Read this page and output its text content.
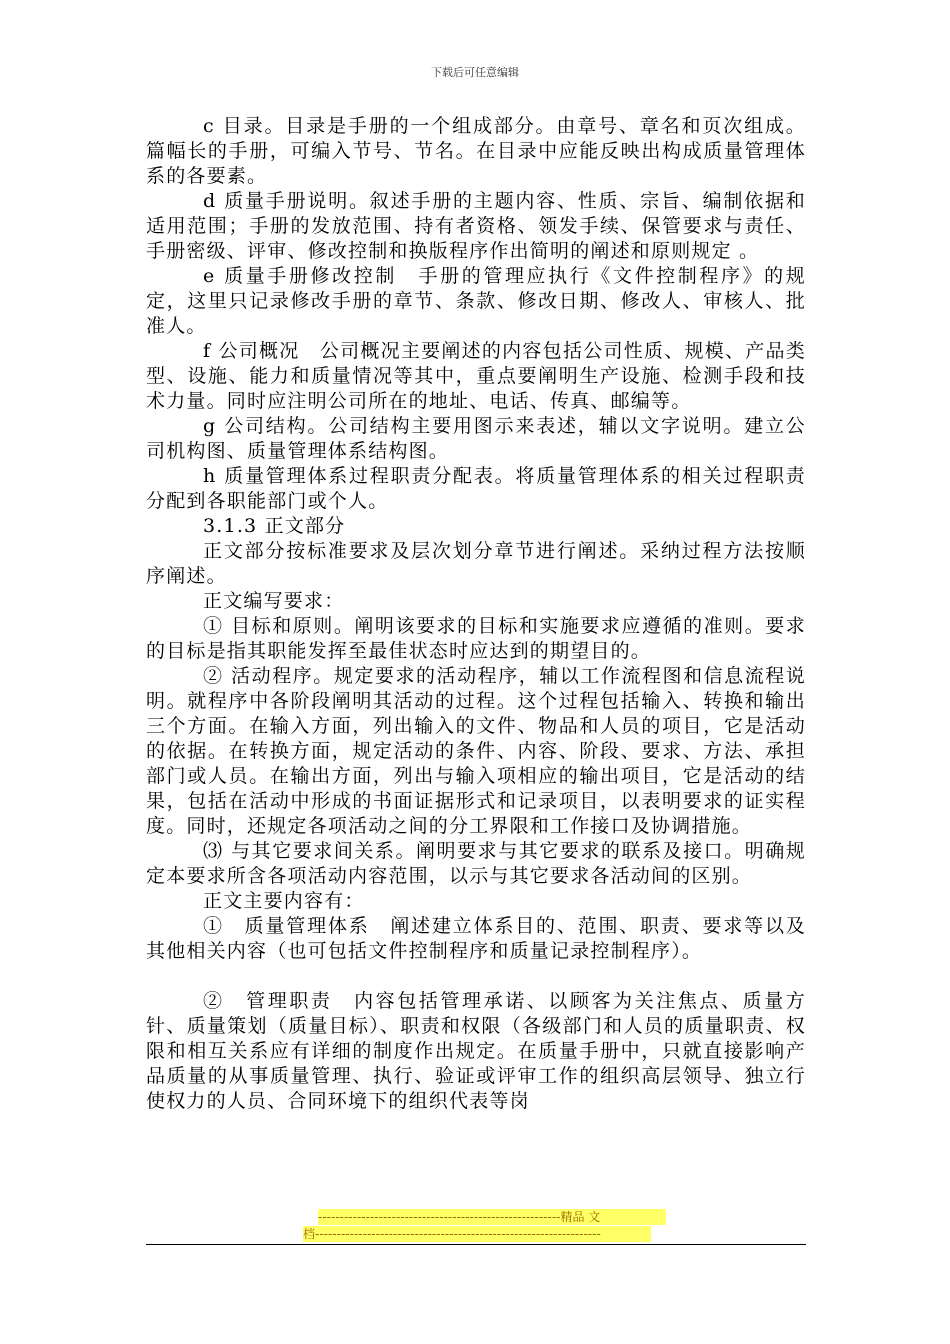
下载后可任意编辑

c 目录。目录是手册的一个组成部分。由章号、章名和页次组成。篇幅长的手册，可编入节号、节名。在目录中应能反映出构成质量管理体系的各要素。

d 质量手册说明。叙述手册的主题内容、性质、宗旨、编制依据和适用范围；手册的发放范围、持有者资格、领发手续、保管要求与责任、手册密级、评审、修改控制和换版程序作出简明的阐述和原则规定 。

e 质量手册修改控制　手册的管理应执行《文件控制程序》的规定，这里只记录修改手册的章节、条款、修改日期、修改人、审核人、批准人。

f 公司概况　公司概况主要阐述的内容包括公司性质、规模、产品类型、设施、能力和质量情况等其中，重点要阐明生产设施、检测手段和技术力量。同时应注明公司所在的地址、电话、传真、邮编等。

g 公司结构。公司结构主要用图示来表述，辅以文字说明。建立公司机构图、质量管理体系结构图。

h 质量管理体系过程职责分配表。将质量管理体系的相关过程职责分配到各职能部门或个人。

3.1.3 正文部分

正文部分按标准要求及层次划分章节进行阐述。采纳过程方法按顺序阐述。

正文编写要求：

① 目标和原则。阐明该要求的目标和实施要求应遵循的准则。要求的目标是指其职能发挥至最佳状态时应达到的期望目的。

② 活动程序。规定要求的活动程序，辅以工作流程图和信息流程说明。就程序中各阶段阐明其活动的过程。这个过程包括输入、转换和输出三个方面。在输入方面，列出输入的文件、物品和人员的项目，它是活动的依据。在转换方面，规定活动的条件、内容、阶段、要求、方法、承担部门或人员。在输出方面，列出与输入项相应的输出项目，它是活动的结果，包括在活动中形成的书面证据形式和记录项目，以表明要求的证实程度。同时，还规定各项活动之间的分工界限和工作接口及协调措施。

⑶ 与其它要求间关系。阐明要求与其它要求的联系及接口。明确规定本要求所含各项活动内容范围，以示与其它要求各活动间的区别。

正文主要内容有：

①　质量管理体系　阐述建立体系目的、范围、职责、要求等以及其他相关内容（也可包括文件控制程序和质量记录控制程序）。

②　管理职责　内容包括管理承诺、以顾客为关注焦点、质量方针、质量策划（质量目标）、职责和权限（各级部门和人员的质量职责、权限和相互关系应有详细的制度作出规定。在质量手册中，只就直接影响产品质量的从事质量管理、执行、验证或评审工作的组织高层领导、独立行使权力的人员、合同环境下的组织代表等岗

--------------------------------------------------------精品 文
档------------------------------------------------------------------
